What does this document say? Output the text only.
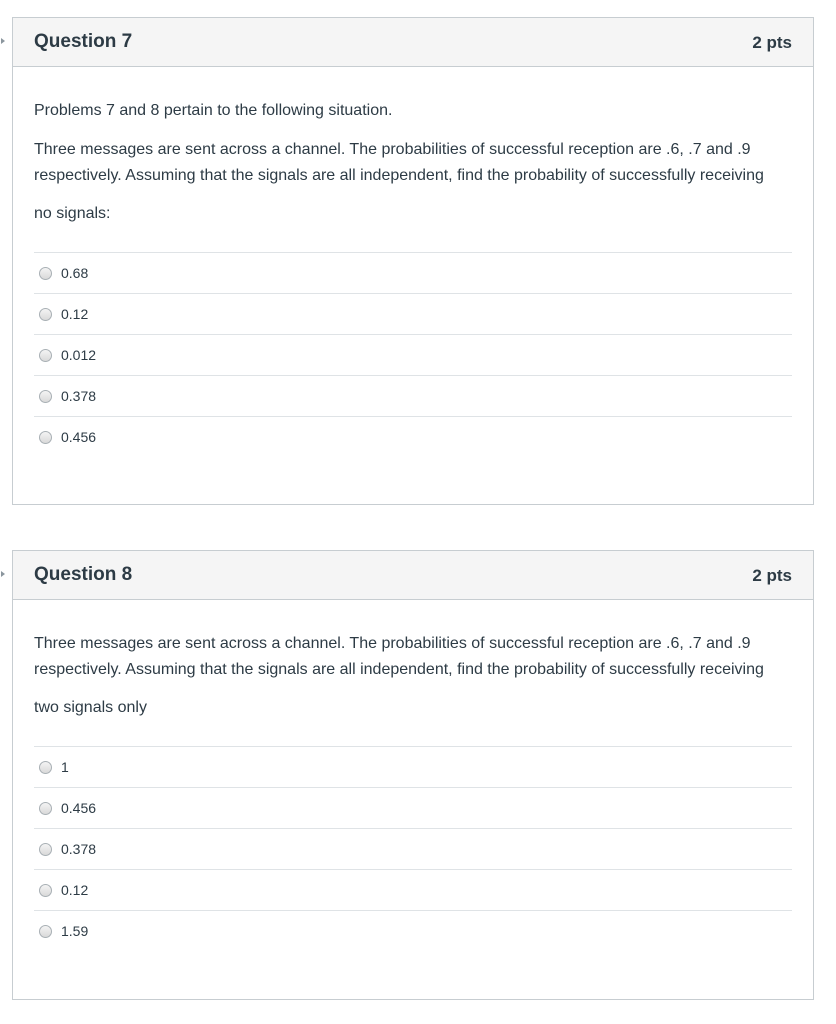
Question 7	2 pts

Problems 7 and 8 pertain to the following situation.

Three messages are sent across a channel. The probabilities of successful reception are .6, .7 and .9 respectively. Assuming that the signals are all independent, find the probability of successfully receiving

no signals:

0.68
0.12
0.012
0.378
0.456
Question 8	2 pts

Three messages are sent across a channel. The probabilities of successful reception are .6, .7 and .9 respectively. Assuming that the signals are all independent, find the probability of successfully receiving

two signals only

1
0.456
0.378
0.12
1.59
